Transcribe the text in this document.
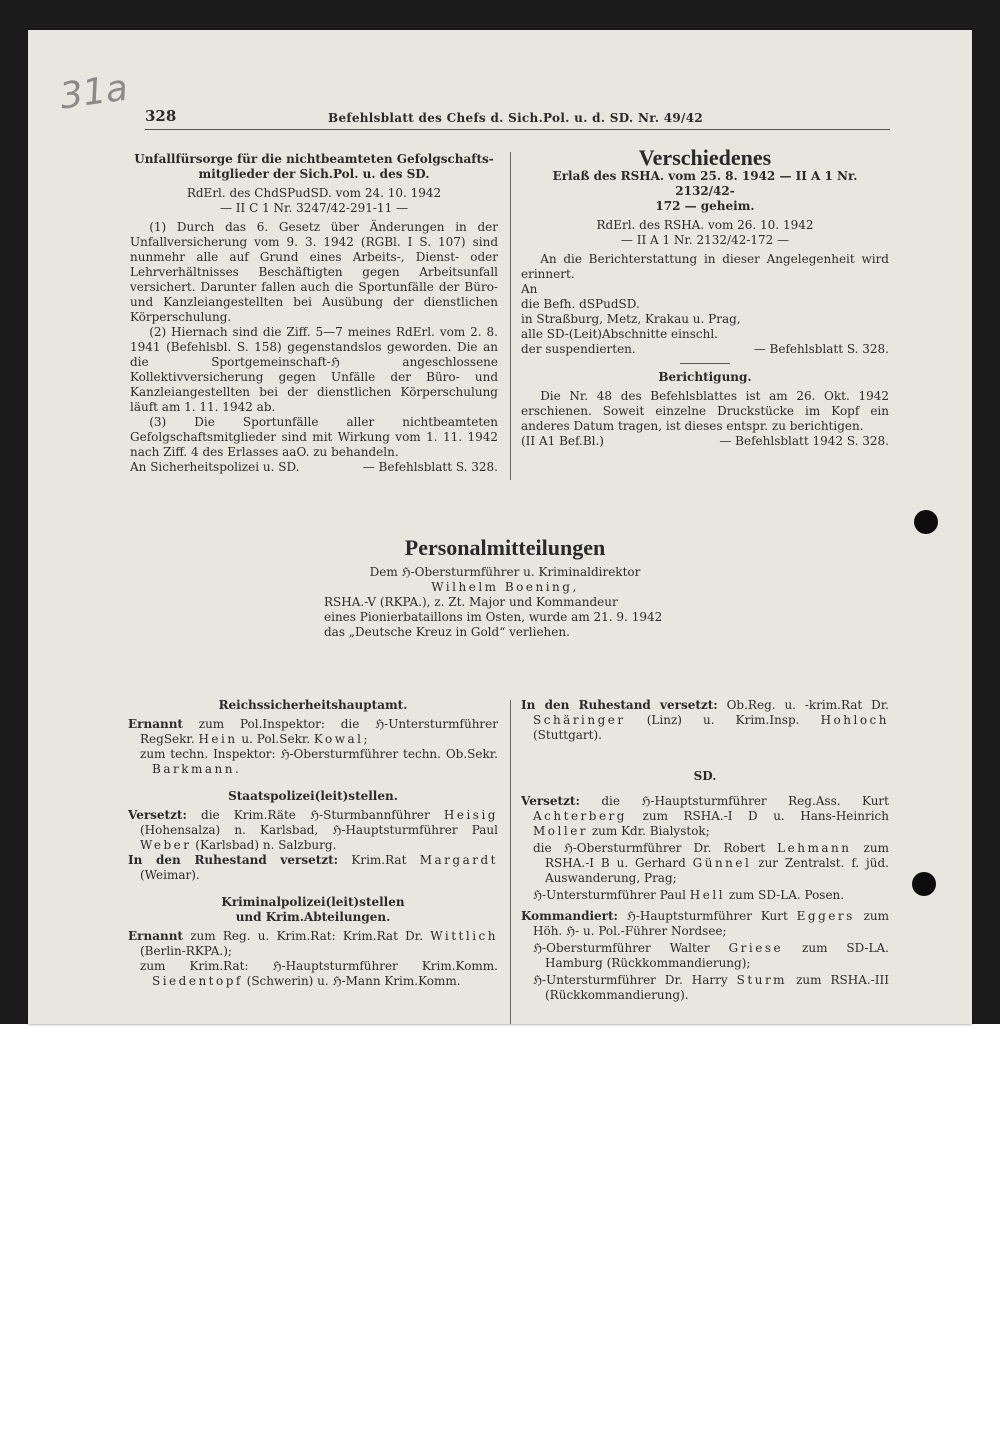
31a 328	Befehlsblatt des Chefs d. Sich.Pol. u. d. SD. Nr. 49/42

Unfallfürsorge für die nichtbeamteten Gefolgschafts-

mitglieder der Sich.Pol. u. des SD.

RdErl. des ChdSPudSD. vom 24. 10. 1942

— II C 1 Nr. 3247/42-291-11 —

(1) Durch das 6. Gesetz über Änderungen in der Unfallversicherung vom 9. 3. 1942 (RGBl. I S. 107) sind nunmehr alle auf Grund eines Arbeits-, Dienst- oder Lehrverhältnisses Beschäftigten gegen Arbeitsunfall versichert. Darunter fallen auch die Sportunfälle der Büro- und Kanzleiangestellten bei Ausübung der dienstlichen Körperschulung.

(2) Hiernach sind die Ziff. 5—7 meines RdErl. vom 2. 8. 1941 (Befehlsbl. S. 158) gegenstandslos geworden. Die an die Sportgemeinschaft-ℌ angeschlossene Kollektivversicherung gegen Unfälle der Büro- und Kanzleiangestellten bei der dienstlichen Körperschulung läuft am 1. 11. 1942 ab.

(3) Die Sportunfälle aller nichtbeamteten Gefolgschaftsmitglieder sind mit Wirkung vom 1. 11. 1942 nach Ziff. 4 des Erlasses aaO. zu behandeln.

An Sicherheitspolizei u. SD.	— Befehlsblatt S. 328.

Verschiedenes

Erlaß des RSHA. vom 25. 8. 1942 — II A 1 Nr. 2132/42-

172 — geheim.

RdErl. des RSHA. vom 26. 10. 1942

— II A 1 Nr. 2132/42-172 —

An die Berichterstattung in dieser Angelegenheit wird erinnert.

An

die Befh. dSPudSD.

in Straßburg, Metz, Krakau u. Prag,

alle SD-(Leit)Abschnitte einschl.

der suspendierten.	— Befehlsblatt S. 328.

Berichtigung.

Die Nr. 48 des Befehlsblattes ist am 26. Okt. 1942 erschienen. Soweit einzelne Druckstücke im Kopf ein anderes Datum tragen, ist dieses entspr. zu berichtigen.

(II A1 Bef.Bl.)	— Befehlsblatt 1942 S. 328.

Personalmitteilungen

Dem ℌ-Obersturmführer u. Kriminaldirektor

Wilhelm Boening,

RSHA.-V (RKPA.), z. Zt. Major und Kommandeur

eines Pionierbataillons im Osten, wurde am 21. 9. 1942

das „Deutsche Kreuz in Gold“ verliehen.

Reichssicherheitshauptamt.

Ernannt zum Pol.Inspektor: die ℌ-Untersturmführer RegSekr. Hein u. Pol.Sekr. Kowal;

zum techn. Inspektor: ℌ-Obersturmführer techn. Ob.Sekr. Barkmann.

Staatspolizei(leit)stellen.

Versetzt: die Krim.Räte ℌ-Sturmbannführer Heisig (Hohensalza) n. Karlsbad, ℌ-Hauptsturmführer Paul Weber (Karlsbad) n. Salzburg.

In den Ruhestand versetzt: Krim.Rat Margardt (Weimar).

Kriminalpolizei(leit)stellen

und Krim.Abteilungen.

Ernannt zum Reg. u. Krim.Rat: Krim.Rat Dr. Wittlich (Berlin-RKPA.);

zum Krim.Rat: ℌ-Hauptsturmführer Krim.Komm. Siedentopf (Schwerin) u. ℌ-Mann Krim.Komm.

In den Ruhestand versetzt: Ob.Reg. u. -krim.Rat Dr. Schäringer (Linz) u. Krim.Insp. Hohloch (Stuttgart).

SD.

Versetzt: die ℌ-Hauptsturmführer Reg.Ass. Kurt Achterberg zum RSHA.-I D u. Hans-Heinrich Moller zum Kdr. Bialystok;

die ℌ-Obersturmführer Dr. Robert Lehmann zum RSHA.-I B u. Gerhard Günnel zur Zentralst. f. jüd. Auswanderung, Prag;

ℌ-Untersturmführer Paul Hell zum SD-LA. Posen.

Kommandiert: ℌ-Hauptsturmführer Kurt Eggers zum Höh. ℌ- u. Pol.-Führer Nordsee;

ℌ-Obersturmführer Walter Griese zum SD-LA. Hamburg (Rückkommandierung);

ℌ-Untersturmführer Dr. Harry Sturm zum RSHA.-III (Rückkommandierung).
